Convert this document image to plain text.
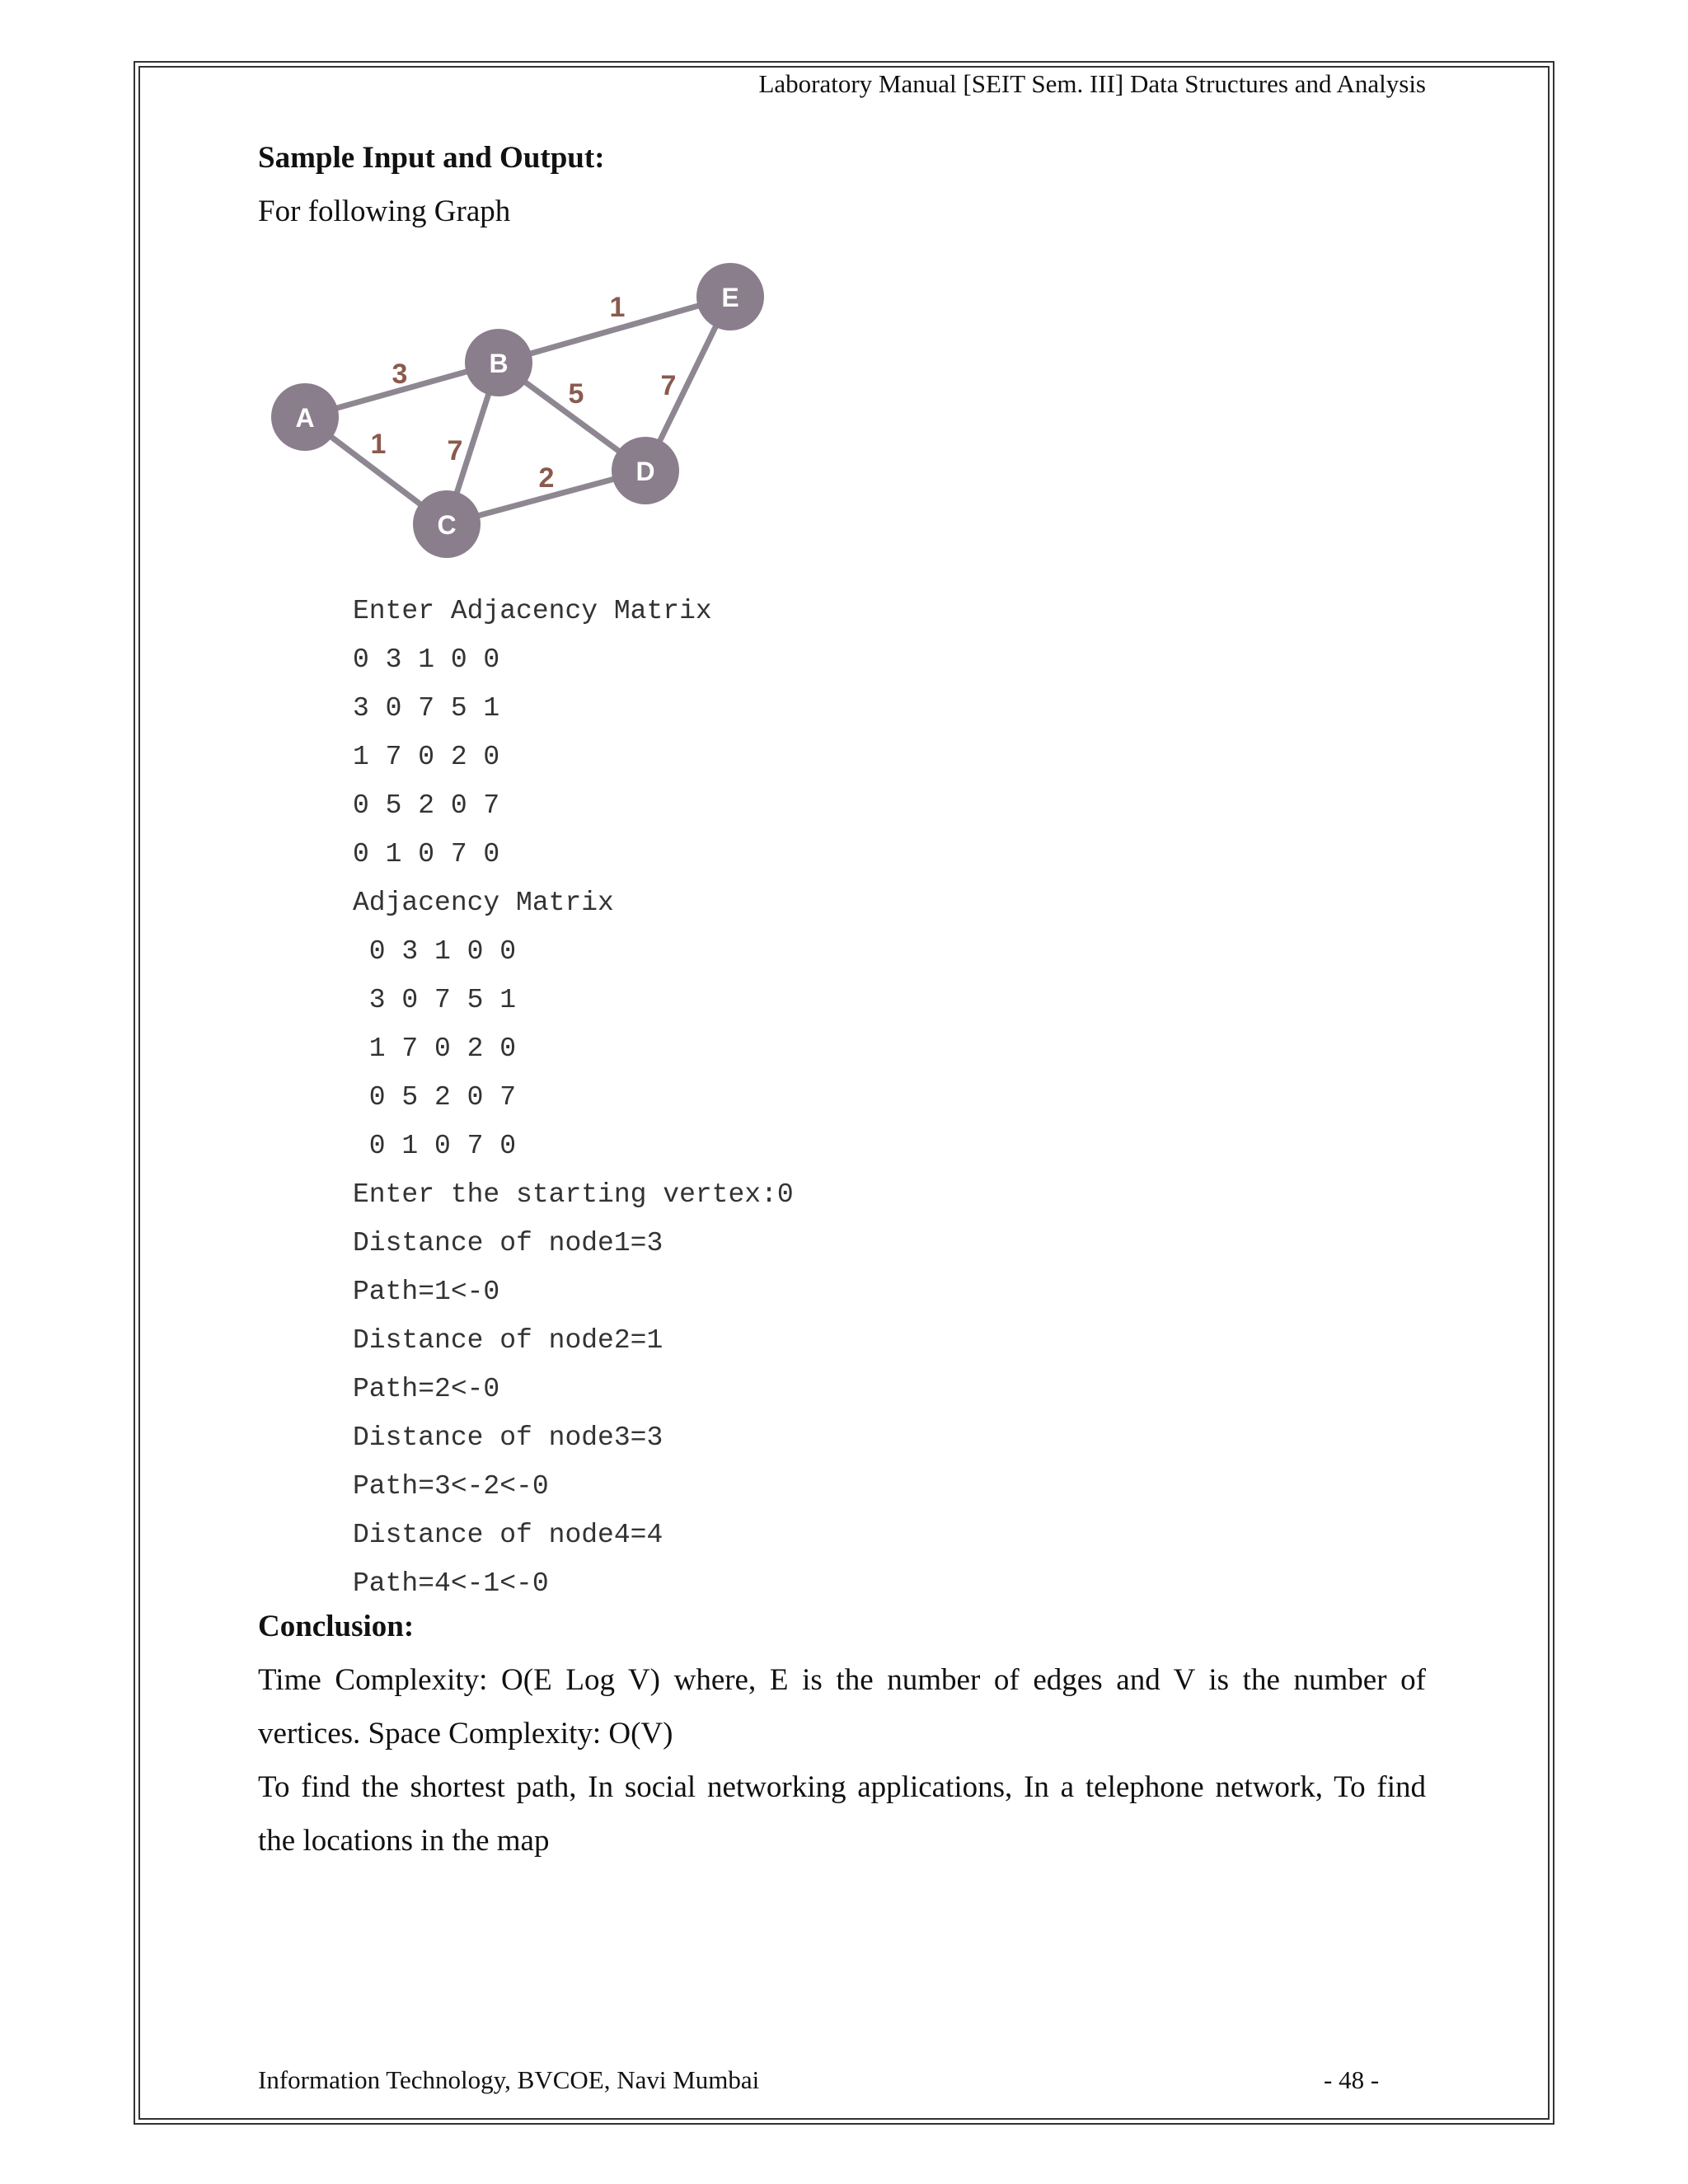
Laboratory Manual [SEIT Sem. III] Data Structures and Analysis
Sample Input and Output:
For following Graph
3
1 7
5
1
2
7
A
B
C
D
E
Enter Adjacency Matrix
0 3 1 0 0
3 0 7 5 1
1 7 0 2 0
0 5 2 0 7
0 1 0 7 0
Adjacency Matrix
0 3 1 0 0
3 0 7 5 1
1 7 0 2 0
0 5 2 0 7
0 1 0 7 0
Enter the starting vertex:0
Distance of node1=3
Path=1<-0
Distance of node2=1
Path=2<-0
Distance of node3=3
Path=3<-2<-0
Distance of node4=4
Path=4<-1<-0
Conclusion:
Time Complexity: O(E Log V) where, E is the number of edges and V is the number of
vertices. Space Complexity: O(V)
To find the shortest path, In social networking applications, In a telephone network, To find
the locations in the map
Information Technology, BVCOE, Navi Mumbai	- 48 -
